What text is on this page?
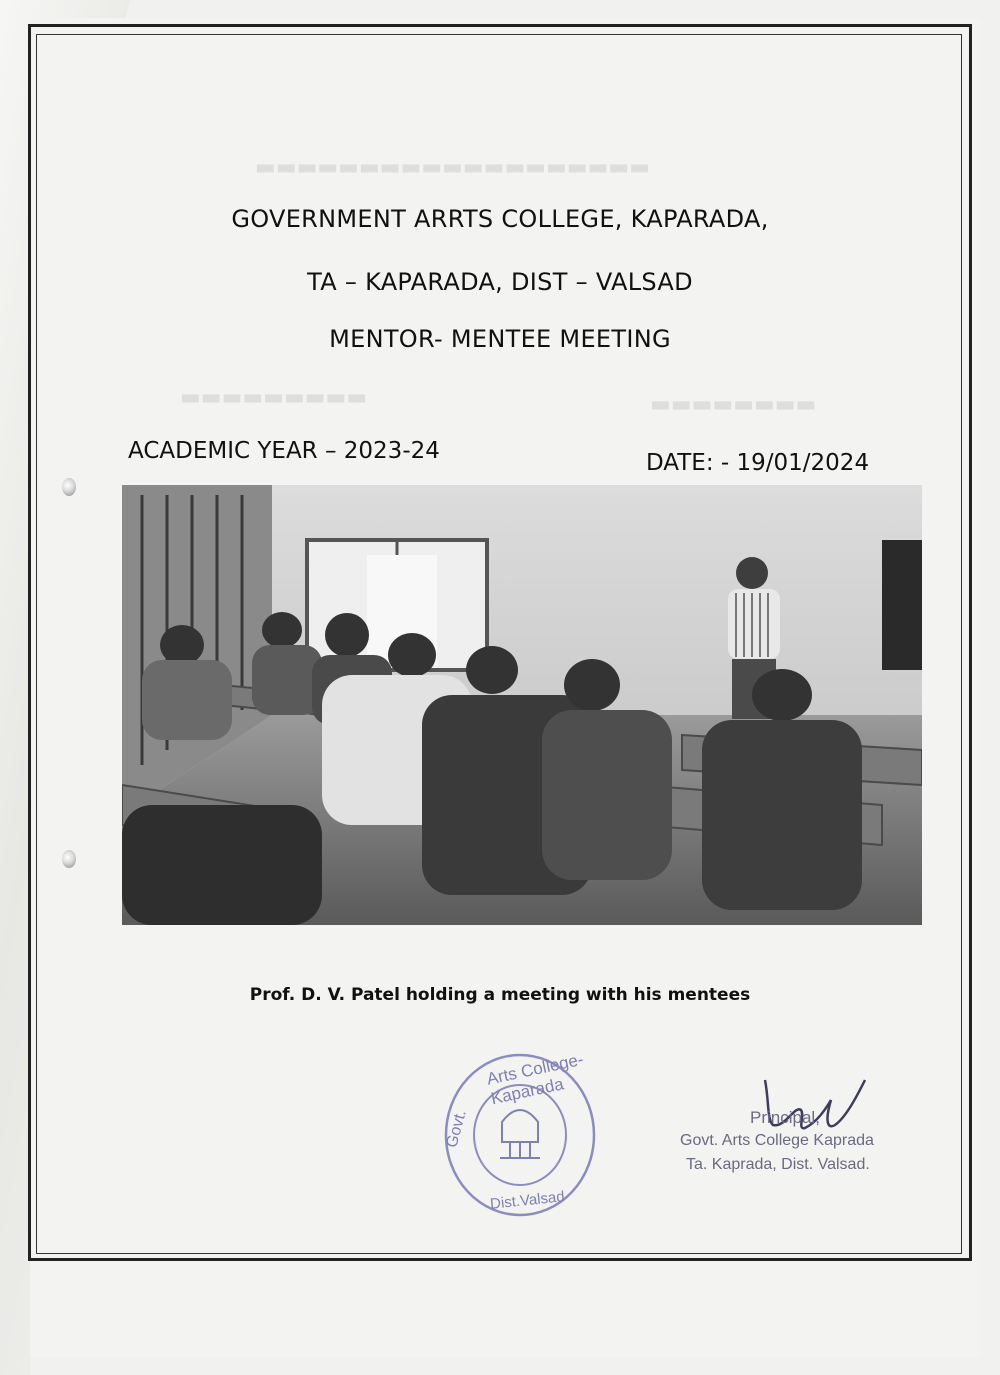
▬▬▬▬▬▬▬▬▬▬▬▬▬▬▬▬▬▬▬
▬▬▬▬▬▬▬▬▬	▬▬▬▬▬▬▬▬
GOVERNMENT ARRTS COLLEGE, KAPARADA,
TA – KAPARADA, DIST – VALSAD
MENTOR- MENTEE MEETING
ACADEMIC YEAR – 2023-24	DATE: - 19/01/2024
Prof. D. V. Patel holding a meeting with his mentees
Arts College-Kaparada
Govt.
Dist.Valsad
Principal,
Govt. Arts College Kaprada
Ta. Kaprada, Dist. Valsad.
